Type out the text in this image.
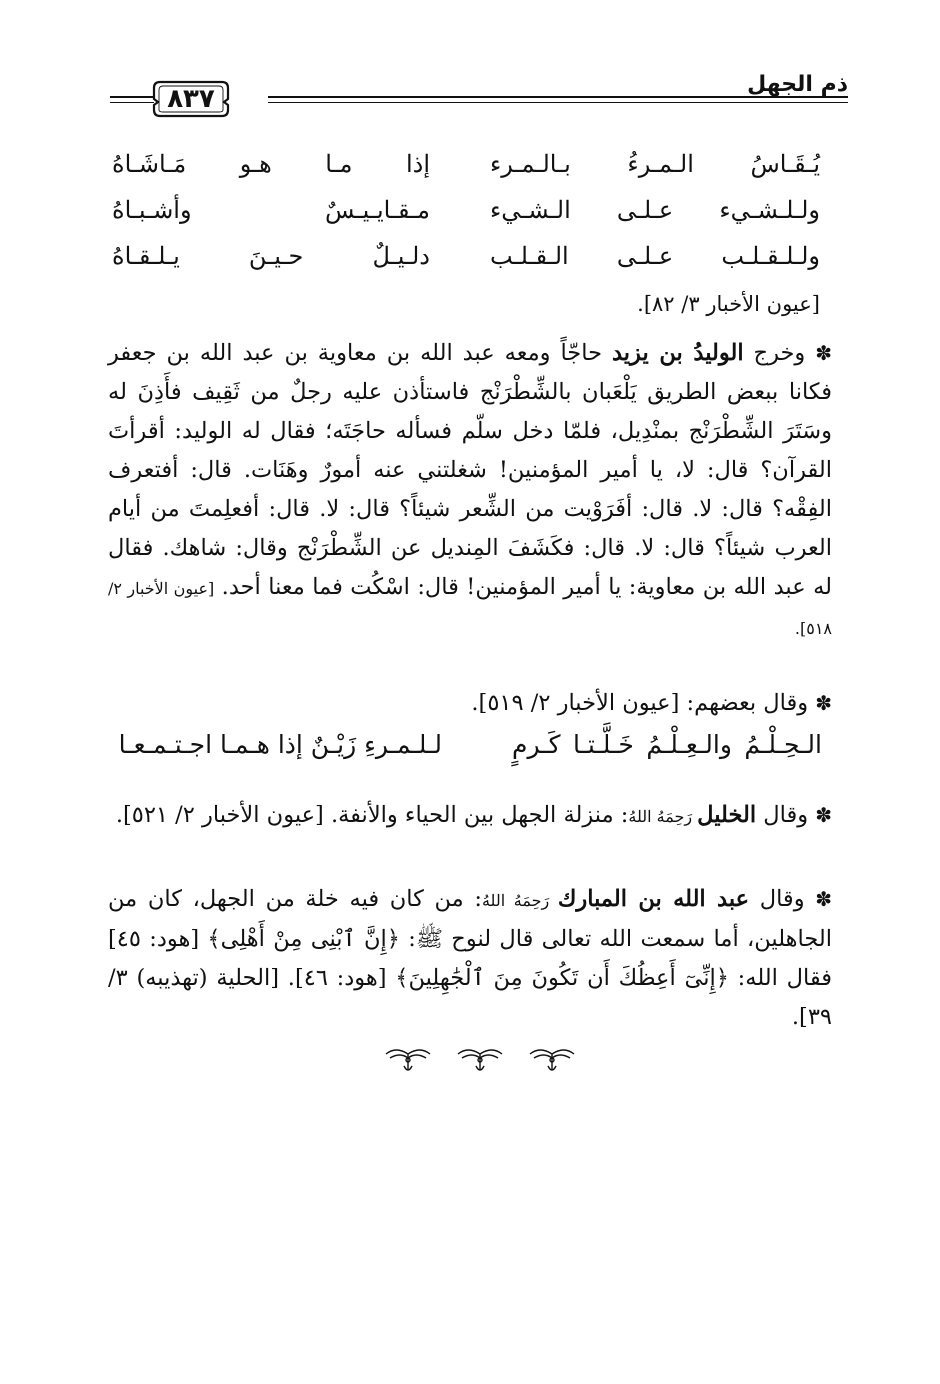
ذم الجهل
٨٣٧
يُـقَـاسُ الـمـرءُ بـالـمـرء
إذا مـا هـو مَـاشَـاهُ
ولـلـشـيء عـلـى الـشـيء
مـقـايـيـسٌ وأشـبـاهُ
ولـلـقـلـب عـلـى الـقـلـب
دلـيـلٌ حـيـنَ يـلـقـاهُ
[عيون الأخبار ٣/ ٨٢].

✽ وخرج الوليدُ بن يزيد حاجّاً ومعه عبد الله بن معاوية بن عبد الله بن جعفر فكانا ببعض الطريق يَلْعَبان بالشِّطْرَنْج فاستأذن عليه رجلٌ من ثَقِيف فأَذِنَ له وسَتَرَ الشِّطْرَنْج بمنْدِيل، فلمّا دخل سلّم فسأله حاجَتَه؛ فقال له الوليد: أقرأتَ القرآن؟ قال: لا، يا أمير المؤمنين! شغلتني عنه أمورٌ وهَنَات. قال: أفتعرف الفِقْه؟ قال: لا. قال: أفَرَوْيت من الشِّعر شيئاً؟ قال: لا. قال: أفعلِمتَ من أيام العرب شيئاً؟ قال: لا. قال: فكَشَفَ المِنديل عن الشِّطْرَنْج وقال: شاهك. فقال له عبد الله بن معاوية: يا أمير المؤمنين! قال: اسْكُت فما معنا أحد. [عيون الأخبار ٢/ ٥١٨].

✽ وقال بعضهم: [عيون الأخبار ٢/ ٥١٩].

الـحِـلْـمُ والـعِـلْـمُ خَـلَّـتـا كَـرمٍ
لـلـمـرءِ زَيْـنٌ إذا هـمـا اجـتـمـعـا

✽ وقال الخليل رَحِمَهُ اللهُ: منزلة الجهل بين الحياء والأنفة. [عيون الأخبار ٢/ ٥٢١].

✽ وقال عبد الله بن المبارك رَحِمَهُ اللهُ: من كان فيه خلة من الجهل، كان من الجاهلين، أما سمعت الله تعالى قال لنوح ﷺ: ﴿إِنَّ ٱبْنِى مِنْ أَهْلِى﴾ [هود: ٤٥] فقال الله: ﴿إِنِّىٓ أَعِظُكَ أَن تَكُونَ مِنَ ٱلْجَٰهِلِينَ﴾ [هود: ٤٦]. [الحلية (تهذيبه) ٣/ ٣٩].
